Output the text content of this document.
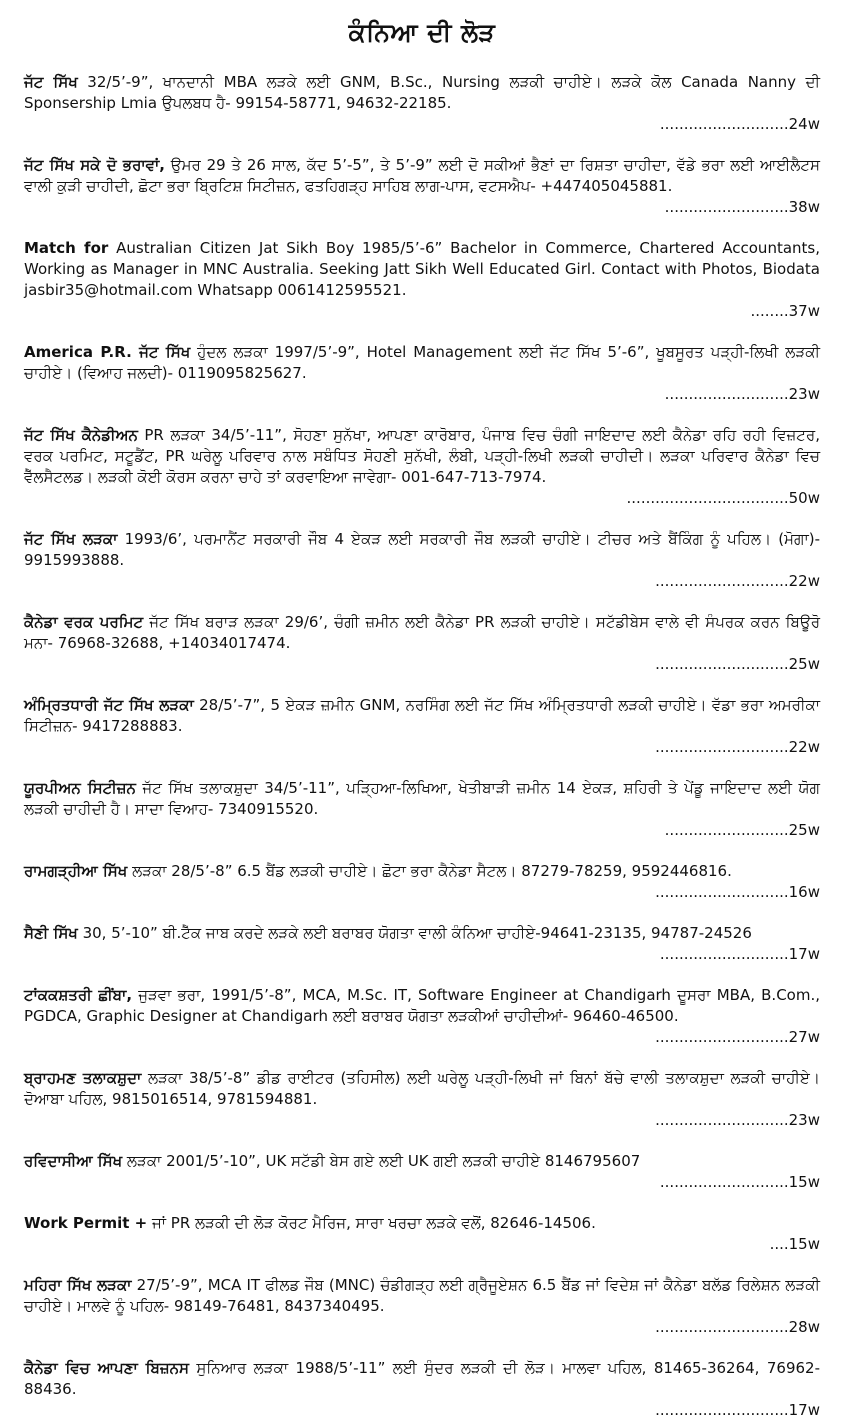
ਕੰਨਿਆ ਦੀ ਲੋੜ
ਜੱਟ ਸਿੱਖ 32/5’-9”, ਖਾਨਦਾਨੀ MBA ਲੜਕੇ ਲਈ GNM, B.Sc., Nursing ਲੜਕੀ ਚਾਹੀਏ। ਲੜਕੇ ਕੋਲ Canada Nanny ਦੀ Sponsership Lmia ਉਪਲਬਧ ਹੈ- 99154-58771, 94632-22185.
........................... 24w
ਜੱਟ ਸਿੱਖ ਸਕੇ ਦੋ ਭਰਾਵਾਂ, ਉਮਰ 29 ਤੇ 26 ਸਾਲ, ਕੱਦ 5’-5”, ਤੇ 5’-9” ਲਈ ਦੋ ਸਕੀਆਂ ਭੈਣਾਂ ਦਾ ਰਿਸ਼ਤਾ ਚਾਹੀਦਾ, ਵੱਡੇ ਭਰਾ ਲਈ ਆਈਲੈਟਸ ਵਾਲੀ ਕੁੜੀ ਚਾਹੀਦੀ, ਛੋਟਾ ਭਰਾ ਬ੍ਰਿਟਿਸ਼ ਸਿਟੀਜ਼ਨ, ਫਤਹਿਗੜ੍ਹ ਸਾਹਿਬ ਲਾਗ-ਪਾਸ, ਵਟਸਐਪ- +447405045881.
.......................... 38w
Match for Australian Citizen Jat Sikh Boy 1985/5’-6” Bachelor in Commerce, Chartered Accountants, Working as Manager in MNC Australia. Seeking Jatt Sikh Well Educated Girl. Contact with Photos, Biodata jasbir35@hotmail.com Whatsapp 0061412595521.
........ 37w
America P.R. ਜੱਟ ਸਿੱਖ ਹੁੰਦਲ ਲੜਕਾ 1997/5’-9”, Hotel Management ਲਈ ਜੱਟ ਸਿੱਖ 5’-6”, ਖੂਬਸੂਰਤ ਪੜ੍ਹੀ-ਲਿਖੀ ਲੜਕੀ ਚਾਹੀਏ। (ਵਿਆਹ ਜਲਦੀ)- 0119095825627.
.......................... 23w
ਜੱਟ ਸਿੱਖ ਕੈਨੇਡੀਅਨ PR ਲੜਕਾ 34/5’-11”, ਸੋਹਣਾ ਸੁਨੱਖਾ, ਆਪਣਾ ਕਾਰੋਬਾਰ, ਪੰਜਾਬ ਵਿਚ ਚੰਗੀ ਜਾਇਦਾਦ ਲਈ ਕੈਨੇਡਾ ਰਹਿ ਰਹੀ ਵਿਜ਼ਟਰ, ਵਰਕ ਪਰਮਿਟ, ਸਟੂਡੈਂਟ, PR ਘਰੇਲੂ ਪਰਿਵਾਰ ਨਾਲ ਸਬੰਧਿਤ ਸੋਹਣੀ ਸੁਨੱਖੀ, ਲੰਬੀ, ਪੜ੍ਹੀ-ਲਿਖੀ ਲੜਕੀ ਚਾਹੀਦੀ। ਲੜਕਾ ਪਰਿਵਾਰ ਕੈਨੇਡਾ ਵਿਚ ਵੈੱਲਸੈਟਲਡ। ਲੜਕੀ ਕੋਈ ਕੋਰਸ ਕਰਨਾ ਚਾਹੇ ਤਾਂ ਕਰਵਾਇਆ ਜਾਵੇਗਾ- 001-647-713-7974.
.................................. 50w
ਜੱਟ ਸਿੱਖ ਲੜਕਾ 1993/6’, ਪਰਮਾਨੈਂਟ ਸਰਕਾਰੀ ਜੌਬ 4 ਏਕੜ ਲਈ ਸਰਕਾਰੀ ਜੌਬ ਲੜਕੀ ਚਾਹੀਏ। ਟੀਚਰ ਅਤੇ ਬੈਂਕਿੰਗ ਨੂੰ ਪਹਿਲ। (ਮੋਗਾ)- 9915993888.
............................ 22w
ਕੈਨੇਡਾ ਵਰਕ ਪਰਮਿਟ ਜੱਟ ਸਿੱਖ ਬਰਾੜ ਲੜਕਾ 29/6’, ਚੰਗੀ ਜ਼ਮੀਨ ਲਈ ਕੈਨੇਡਾ PR ਲੜਕੀ ਚਾਹੀਏ। ਸਟੱਡੀਬੇਸ ਵਾਲੇ ਵੀ ਸੰਪਰਕ ਕਰਨ ਬਿਊਰੋ ਮਨਾ- 76968-32688, +14034017474.
............................ 25w
ਅੰਮ੍ਰਿਤਧਾਰੀ ਜੱਟ ਸਿੱਖ ਲੜਕਾ 28/5’-7”, 5 ਏਕੜ ਜ਼ਮੀਨ GNM, ਨਰਸਿੰਗ ਲਈ ਜੱਟ ਸਿੱਖ ਅੰਮ੍ਰਿਤਧਾਰੀ ਲੜਕੀ ਚਾਹੀਏ। ਵੱਡਾ ਭਰਾ ਅਮਰੀਕਾ ਸਿਟੀਜ਼ਨ- 9417288883.
............................ 22w
ਯੂਰਪੀਅਨ ਸਿਟੀਜ਼ਨ ਜੱਟ ਸਿੱਖ ਤਲਾਕਸ਼ੁਦਾ 34/5’-11”, ਪੜ੍ਹਿਆ-ਲਿਖਿਆ, ਖੇਤੀਬਾੜੀ ਜ਼ਮੀਨ 14 ਏਕੜ, ਸ਼ਹਿਰੀ ਤੇ ਪੇਂਡੂ ਜਾਇਦਾਦ ਲਈ ਯੋਗ ਲੜਕੀ ਚਾਹੀਦੀ ਹੈ। ਸਾਦਾ ਵਿਆਹ- 7340915520.
.......................... 25w
ਰਾਮਗੜ੍ਹੀਆ ਸਿੱਖ ਲੜਕਾ 28/5’-8” 6.5 ਬੈਂਡ ਲੜਕੀ ਚਾਹੀਏ। ਛੋਟਾ ਭਰਾ ਕੈਨੇਡਾ ਸੈਟਲ। 87279-78259, 9592446816.
............................ 16w
ਸੈਣੀ ਸਿੱਖ 30, 5’-10” ਬੀ.ਟੈੱਕ ਜਾਬ ਕਰਦੇ ਲੜਕੇ ਲਈ ਬਰਾਬਰ ਯੋਗਤਾ ਵਾਲੀ ਕੰਨਿਆ ਚਾਹੀਏ-94641-23135, 94787-24526
........................... 17w
ਟਾਂਕਕਸ਼ਤਰੀ ਛੀਂਬਾ, ਜੁੜਵਾ ਭਰਾ, 1991/5’-8”, MCA, M.Sc. IT, Software Engineer at Chandigarh ਦੂਸਰਾ MBA, B.Com., PGDCA, Graphic Designer at Chandigarh ਲਈ ਬਰਾਬਰ ਯੋਗਤਾ ਲੜਕੀਆਂ ਚਾਹੀਦੀਆਂ- 96460-46500.
............................ 27w
ਬ੍ਰਾਹਮਣ ਤਲਾਕਸ਼ੁਦਾ ਲੜਕਾ 38/5’-8” ਡੀਡ ਰਾਈਟਰ (ਤਹਿਸੀਲ) ਲਈ ਘਰੇਲੂ ਪੜ੍ਹੀ-ਲਿਖੀ ਜਾਂ ਬਿਨਾਂ ਬੱਚੇ ਵਾਲੀ ਤਲਾਕਸ਼ੁਦਾ ਲੜਕੀ ਚਾਹੀਏ। ਦੋਆਬਾ ਪਹਿਲ, 9815016514, 9781594881.
............................ 23w
ਰਵਿਦਾਸੀਆ ਸਿੱਖ ਲੜਕਾ 2001/5’-10”, UK ਸਟੱਡੀ ਬੇਸ ਗਏ ਲਈ UK ਗਈ ਲੜਕੀ ਚਾਹੀਏ 8146795607
........................... 15w
Work Permit + ਜਾਂ PR ਲੜਕੀ ਦੀ ਲੋੜ ਕੋਰਟ ਮੈਰਿਜ, ਸਾਰਾ ਖਰਚਾ ਲੜਕੇ ਵਲੋਂ, 82646-14506.
.... 15w
ਮਹਿਰਾ ਸਿੱਖ ਲੜਕਾ 27/5’-9”, MCA IT ਫੀਲਡ ਜੌਬ (MNC) ਚੰਡੀਗੜ੍ਹ ਲਈ ਗ੍ਰੈਜੂਏਸ਼ਨ 6.5 ਬੈਂਡ ਜਾਂ ਵਿਦੇਸ਼ ਜਾਂ ਕੈਨੇਡਾ ਬਲੱਡ ਰਿਲੇਸ਼ਨ ਲੜਕੀ ਚਾਹੀਏ। ਮਾਲਵੇ ਨੂੰ ਪਹਿਲ- 98149-76481, 8437340495.
............................ 28w
ਕੈਨੇਡਾ ਵਿਚ ਆਪਣਾ ਬਿਜ਼ਨਸ ਸੁਨਿਆਰ ਲੜਕਾ 1988/5’-11” ਲਈ ਸੁੰਦਰ ਲੜਕੀ ਦੀ ਲੋੜ। ਮਾਲਵਾ ਪਹਿਲ, 81465-36264, 76962-88436.
............................ 17w
